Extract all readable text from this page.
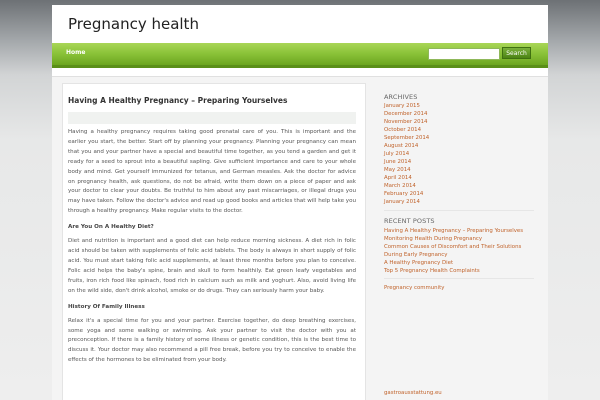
Pregnancy health
Home	Search
Having A Healthy Pregnancy – Preparing Yourselves

Having a healthy pregnancy requires taking good prenatal care of you. This is important and the earlier you start, the better. Start off by planning your pregnancy. Planning your pregnancy can mean that you and your partner have a special and beautiful time together, as you tend a garden and get it ready for a seed to sprout into a beautiful sapling. Give sufficient importance and care to your whole body and mind. Get yourself immunized for tetanus, and German measles. Ask the doctor for advice on pregnancy health, ask questions, do not be afraid, write them down on a piece of paper and ask your doctor to clear your doubts. Be truthful to him about any past miscarriages, or illegal drugs you may have taken. Follow the doctor's advice and read up good books and articles that will help take you through a healthy pregnancy. Make regular visits to the doctor.

Are You On A Healthy Diet?

Diet and nutrition is important and a good diet can help reduce morning sickness. A diet rich in folic acid should be taken with supplements of folic acid tablets. The body is always in short supply of folic acid. You must start taking folic acid supplements, at least three months before you plan to conceive. Folic acid helps the baby's spine, brain and skull to form healthily. Eat green leafy vegetables and fruits, iron rich food like spinach, food rich in calcium such as milk and yoghurt. Also, avoid living life on the wild side, don't drink alcohol, smoke or do drugs. They can seriously harm your baby.

History Of Family Illness

Relax it's a special time for you and your partner. Exercise together, do deep breathing exercises, some yoga and some walking or swimming. Ask your partner to visit the doctor with you at preconception. If there is a family history of some illness or genetic condition, this is the best time to discuss it. Your doctor may also recommend a pill free break, before you try to conceive to enable the effects of the hormones to be eliminated from your body.

ARCHIVES
January 2015
December 2014
November 2014
October 2014
September 2014
August 2014
July 2014
June 2014
May 2014
April 2014
March 2014
February 2014
January 2014
RECENT POSTS
Having A Healthy Pregnancy – Preparing Yourselves
Monitoring Health During Pregnancy
Common Causes of Discomfort and Their Solutions
During Early Pregnancy
A Healthy Pregnancy Diet
Top 5 Pregnancy Health Complaints
Pregnancy community
gastroausstattung.eu
